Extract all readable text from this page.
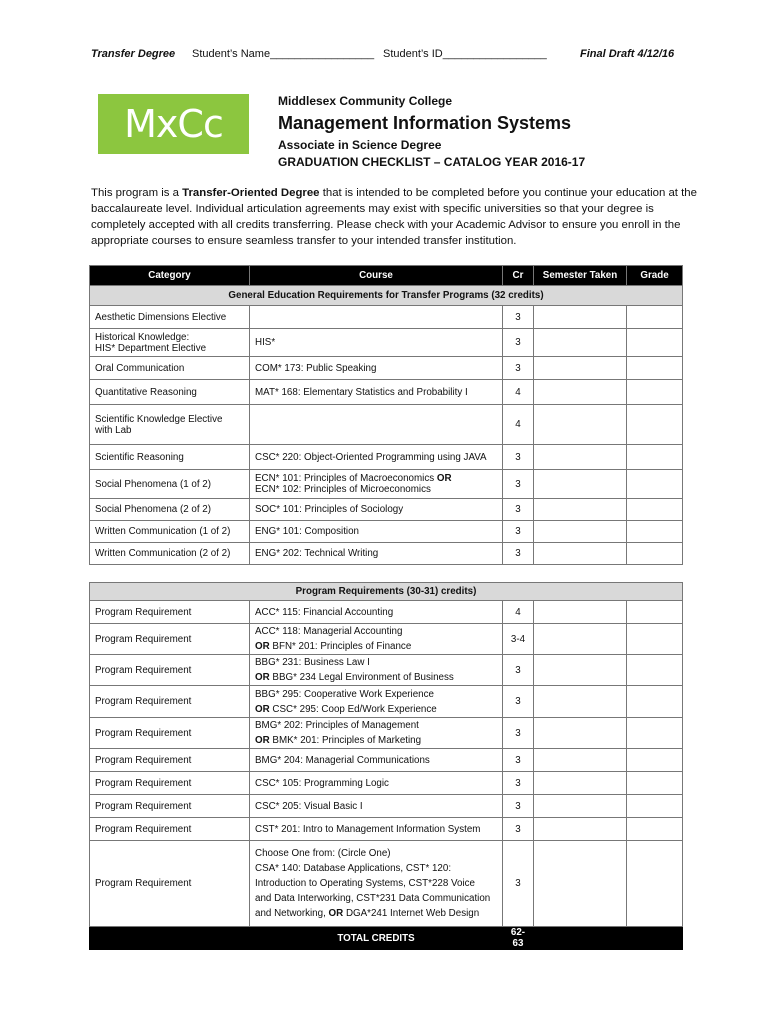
Transfer Degree Student’s Name_________________ Student’s ID_________________	Final Draft 4/12/16
MxCc
Middlesex Community College
Management Information Systems
Associate in Science Degree
GRADUATION CHECKLIST – CATALOG YEAR 2016-17
This program is a Transfer-Oriented Degree that is intended to be completed before you continue your education at the baccalaureate level. Individual articulation agreements may exist with specific universities so that your degree is completely accepted with all credits transferring. Please check with your Academic Advisor to ensure you enroll in the appropriate courses to ensure seamless transfer to your intended transfer institution.
Category	Course	Cr	Semester Taken	Grade
General Education Requirements for Transfer Programs (32 credits)				
Aesthetic Dimensions Elective		3		
Historical Knowledge:
HIS* Department Elective	HIS*	3		
Oral Communication	COM* 173: Public Speaking	3		
Quantitative Reasoning	MAT* 168: Elementary Statistics and Probability I	4		
Scientific Knowledge Elective
with Lab		4		
Scientific Reasoning	CSC* 220: Object-Oriented Programming using JAVA	3		
Social Phenomena (1 of 2)	ECN* 101: Principles of Macroeconomics OR
ECN* 102: Principles of Microeconomics	3		
Social Phenomena (2 of 2)	SOC* 101: Principles of Sociology	3		
Written Communication (1 of 2)	ENG* 101: Composition	3		
Written Communication (2 of 2)	ENG* 202: Technical Writing	3		
Program Requirements (30-31) credits)				
Program Requirement	ACC* 115: Financial Accounting	4		
Program Requirement	ACC* 118: Managerial Accounting
OR BFN* 201: Principles of Finance	3-4		
Program Requirement	BBG* 231: Business Law I
OR BBG* 234 Legal Environment of Business	3		
Program Requirement	BBG* 295: Cooperative Work Experience
OR CSC* 295: Coop Ed/Work Experience	3		
Program Requirement	BMG* 202: Principles of Management
OR BMK* 201: Principles of Marketing	3		
Program Requirement	BMG* 204: Managerial Communications	3		
Program Requirement	CSC* 105: Programming Logic	3		
Program Requirement	CSC* 205: Visual Basic I	3		
Program Requirement	CST* 201: Intro to Management Information System	3		
Program Requirement	Choose One from: (Circle One)
CSA* 140: Database Applications, CST* 120:
Introduction to Operating Systems, CST*228 Voice
and Data Interworking, CST*231 Data Communication
and Networking, OR DGA*241 Internet Web Design	3		
	TOTAL CREDITS	62-63		
